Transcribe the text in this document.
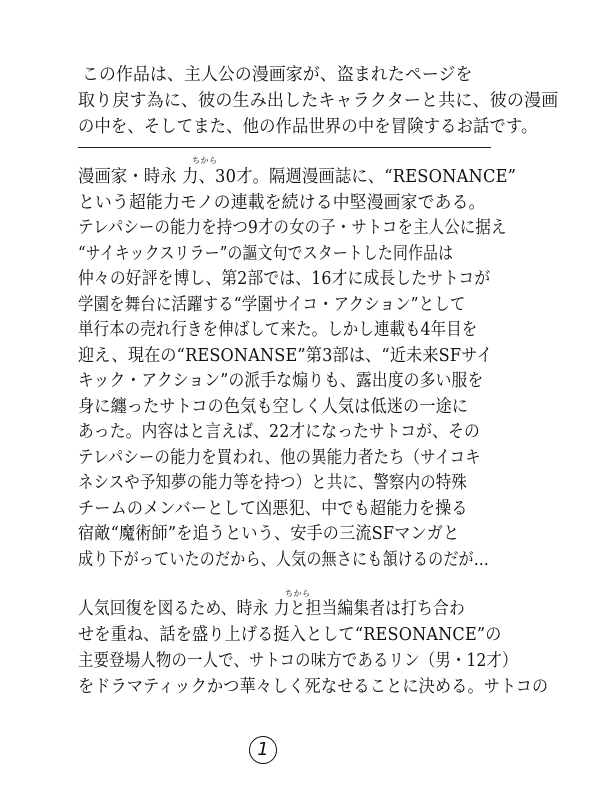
この作品は、主人公の漫画家が、盗まれたページを
取り戻す為に、彼の生み出したキャラクターと共に、彼の漫画
の中を、そしてまた、他の作品世界の中を冒険するお話です。
ちから
漫画家・時永 力、30才。隔週漫画誌に、“RESONANCE”
という超能力モノの連載を続ける中堅漫画家である。
テレパシーの能力を持つ9才の女の子・サトコを主人公に据え
“サイキックスリラー”の謳文句でスタートした同作品は
仲々の好評を博し、第2部では、16才に成長したサトコが
学園を舞台に活躍する“学園サイコ・アクション”として
単行本の売れ行きを伸ばして来た。しかし連載も4年目を
迎え、現在の“RESONANSE”第3部は、“近未来SFサイ
キック・アクション”の派手な煽りも、露出度の多い服を
身に纏ったサトコの色気も空しく人気は低迷の一途に
あった。内容はと言えば、22才になったサトコが、その
テレパシーの能力を買われ、他の異能力者たち（サイコキ
ネシスや予知夢の能力等を持つ）と共に、警察内の特殊
チームのメンバーとして凶悪犯、中でも超能力を操る
宿敵“魔術師”を追うという、安手の三流SFマンガと
成り下がっていたのだから、人気の無さにも頷けるのだが…
ちから
人気回復を図るため、時永 力と担当編集者は打ち合わ
せを重ね、話を盛り上げる挺入として“RESONANCE”の
主要登場人物の一人で、サトコの味方であるリン（男・12才）
をドラマティックかつ華々しく死なせることに決める。サトコの
1
